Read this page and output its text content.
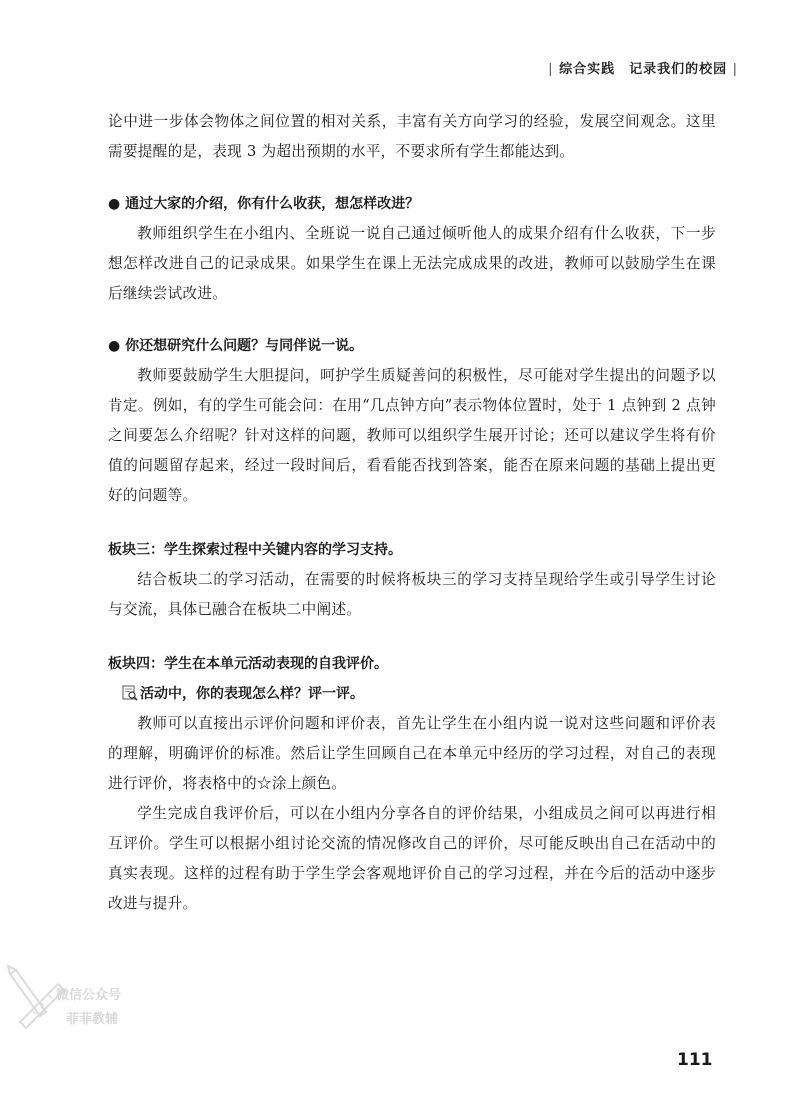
| 综合实践　记录我们的校园 |

论中进一步体会物体之间位置的相对关系，丰富有关方向学习的经验，发展空间观念。这里需要提醒的是，表现 3 为超出预期的水平，不要求所有学生都能达到。

● 通过大家的介绍，你有什么收获，想怎样改进？

教师组织学生在小组内、全班说一说自己通过倾听他人的成果介绍有什么收获，下一步想怎样改进自己的记录成果。如果学生在课上无法完成成果的改进，教师可以鼓励学生在课后继续尝试改进。

● 你还想研究什么问题？与同伴说一说。

教师要鼓励学生大胆提问，呵护学生质疑善问的积极性，尽可能对学生提出的问题予以肯定。例如，有的学生可能会问：在用“几点钟方向”表示物体位置时，处于 1 点钟到 2 点钟之间要怎么介绍呢？针对这样的问题，教师可以组织学生展开讨论；还可以建议学生将有价值的问题留存起来，经过一段时间后，看看能否找到答案，能否在原来问题的基础上提出更好的问题等。

板块三：学生探索过程中关键内容的学习支持。

结合板块二的学习活动，在需要的时候将板块三的学习支持呈现给学生或引导学生讨论与交流，具体已融合在板块二中阐述。

板块四：学生在本单元活动表现的自我评价。
活动中，你的表现怎么样？评一评。

教师可以直接出示评价问题和评价表，首先让学生在小组内说一说对这些问题和评价表的理解，明确评价的标准。然后让学生回顾自己在本单元中经历的学习过程，对自己的表现进行评价，将表格中的☆涂上颜色。

学生完成自我评价后，可以在小组内分享各自的评价结果，小组成员之间可以再进行相互评价。学生可以根据小组讨论交流的情况修改自己的评价，尽可能反映出自己在活动中的真实表现。这样的过程有助于学生学会客观地评价自己的学习过程，并在今后的活动中逐步改进与提升。

微信公众号
菲菲教辅
111
